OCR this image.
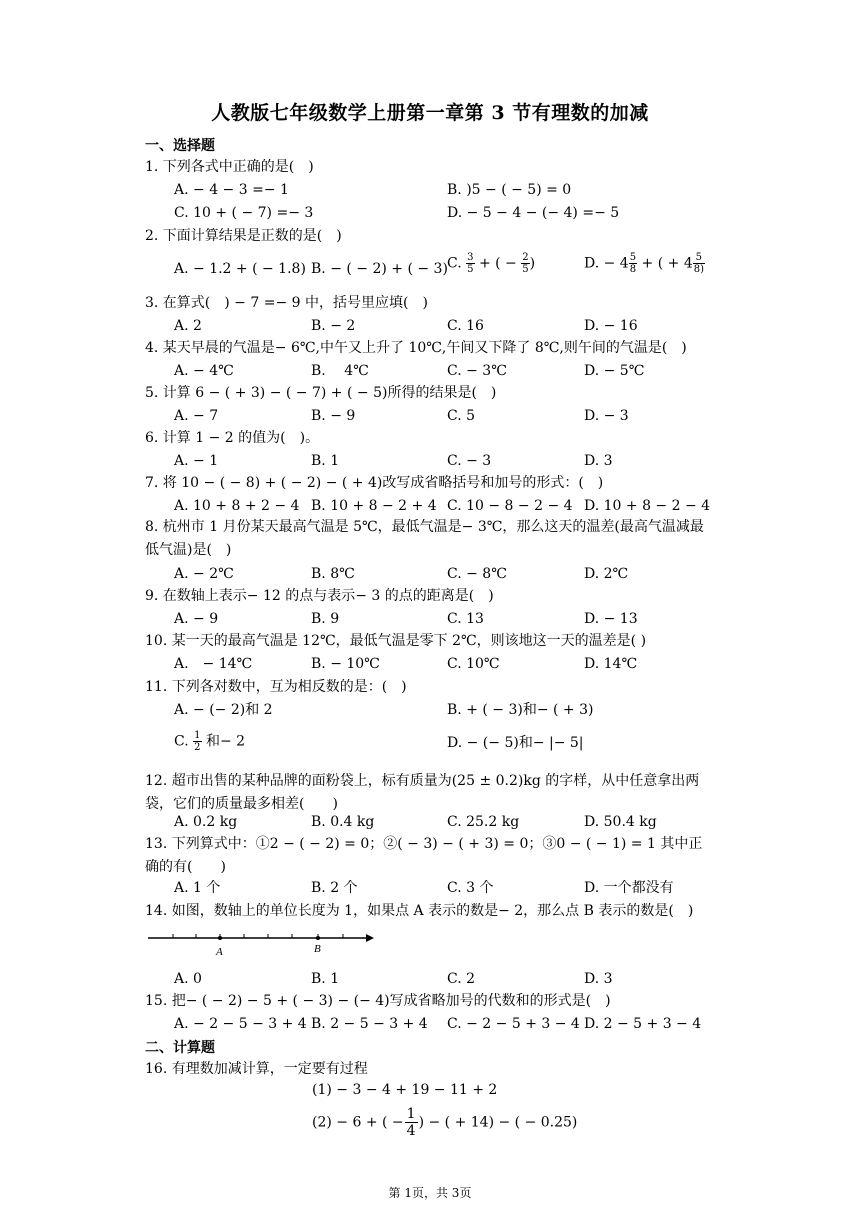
人教版七年级数学上册第一章第 3 节有理数的加减
一、选择题
1. 下列各式中正确的是(　)
A. − 4 − 3 =− 1	B. )5 − ( − 5) = 0
C. 10 + ( − 7) =− 3	D. − 5 − 4 − (− 4) =− 5
2. 下面计算结果是正数的是(　)
A. − 1.2 + ( − 1.8) B. − ( − 2) + ( − 3) C. $\frac{3}{5}$ + ( − $\frac{2}{5}$ )	D. − $4 \frac{5}{8}$ + ( + $4 \frac{5}{8)}$
3. 在算式(　) − 7 =− 9 中，括号里应填(　)
A. 2	B. − 2	C. 16	D. − 16
4. 某天早晨的气温是− 6℃,中午又上升了 10℃,午间又下降了 8℃,则午间的气温是(　)
A. − 4℃	B.　 4℃	C. − 3℃	D. − 5℃
5. 计算 6 − ( + 3) − ( − 7) + ( − 5)所得的结果是(　)
A. − 7	B. − 9	C. 5	D. − 3
6. 计算 1 − 2 的值为(　)。
A. − 1	B. 1	C. − 3	D. 3
7. 将 10 − ( − 8) + ( − 2) − ( + 4)改写成省略括号和加号的形式：(　)
A. 10 + 8 + 2 − 4 B. 10 + 8 − 2 + 4 C. 10 − 8 − 2 − 4 D. 10 + 8 − 2 − 4
8. 杭州市 1 月份某天最高气温是 5℃，最低气温是− 3℃，那么这天的温差(最高气温减最低气温)是(　)
A. − 2℃	B. 8℃	C. − 8℃	D. 2℃
9. 在数轴上表示− 12 的点与表示− 3 的点的距离是(　)
A. − 9	B. 9	C. 13	D. − 13
10. 某一天的最高气温是 12℃，最低气温是零下 2℃，则该地这一天的温差是( )
A.　− 14℃	B. − 10℃	C. 10℃	D. 14℃
11. 下列各对数中，互为相反数的是：(　)
A. − (− 2)和 2	B. + ( − 3)和− ( + 3)
C. $\frac{1}{2}$ 和− 2	D. − (− 5)和− |− 5|
12. 超市出售的某种品牌的面粉袋上，标有质量为(25 ± 0.2)kg 的字样，从中任意拿出两袋，它们的质量最多相差(　　)
A. 0.2 kg	B. 0.4 kg	C. 25.2 kg	D. 50.4 kg
13. 下列算式中：①2 − ( − 2) = 0；②( − 3) − ( + 3) = 0；③0 − ( − 1) = 1 其中正确的有(　　)
A. 1 个	B. 2 个	C. 3 个	D. 一个都没有
14. 如图，数轴上的单位长度为 1，如果点 A 表示的数是− 2，那么点 B 表示的数是(　)
A	B
A. 0	B. 1	C. 2	D. 3
15. 把− ( − 2) − 5 + ( − 3) − (− 4)写成省略加号的代数和的形式是(　)
A. − 2 − 5 − 3 + 4 B. 2 − 5 − 3 + 4 C. − 2 − 5 + 3 − 4 D. 2 − 5 + 3 − 4
二、计算题
16. 有理数加减计算，一定要有过程
(1) − 3 − 4 + 19 − 11 + 2
(2) − 6 + ( − $\frac{1}{4}$ ) − ( + 14) − ( − 0.25)
第 1页，共 3页
